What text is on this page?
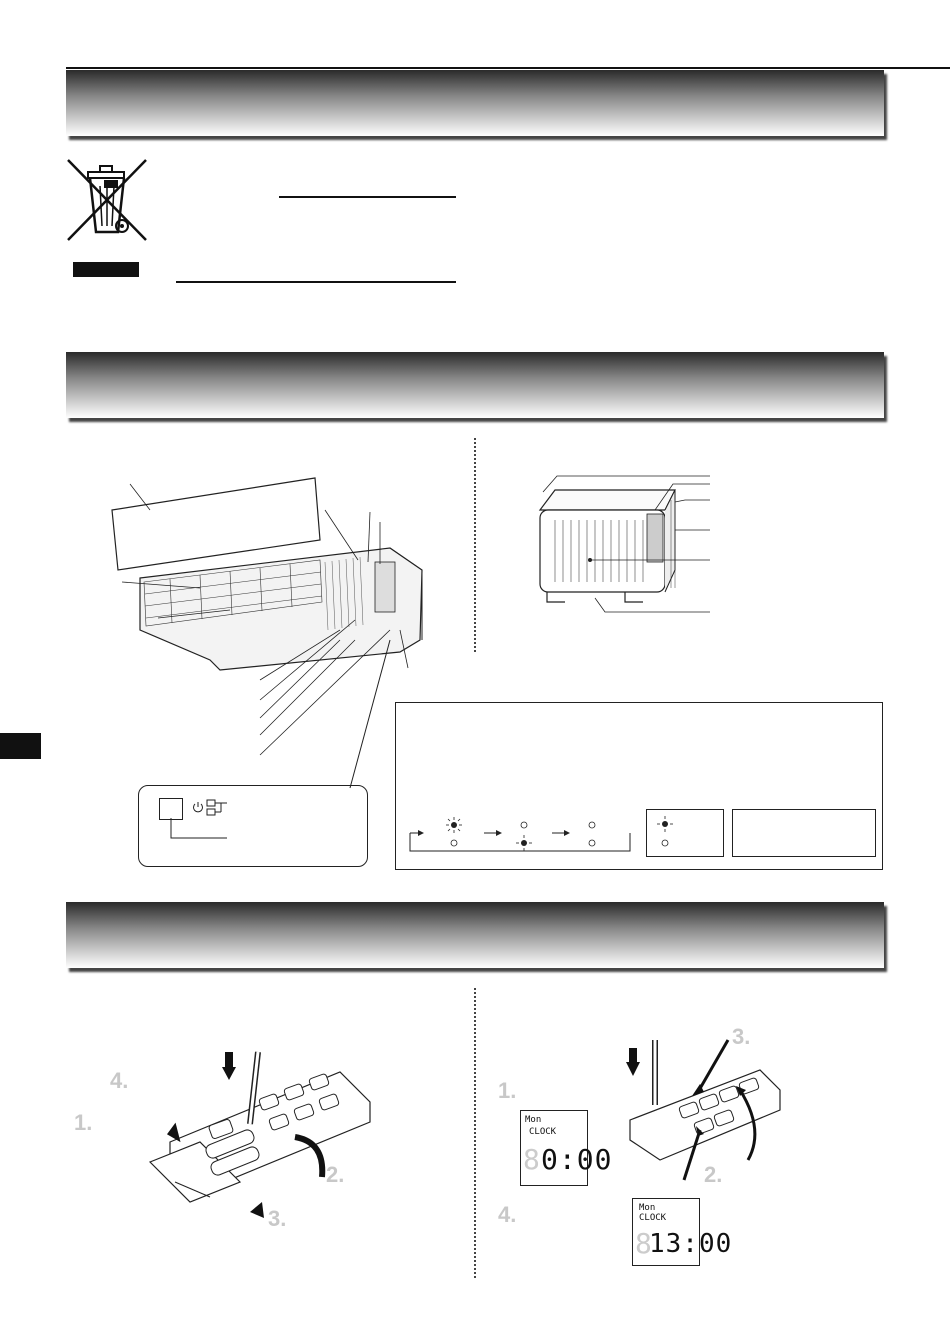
4.
1.
2.
3.
3.
1.
2.
4.
Mon
CLOCK
8 0:00
Mon
CLOCK
8
13:00
